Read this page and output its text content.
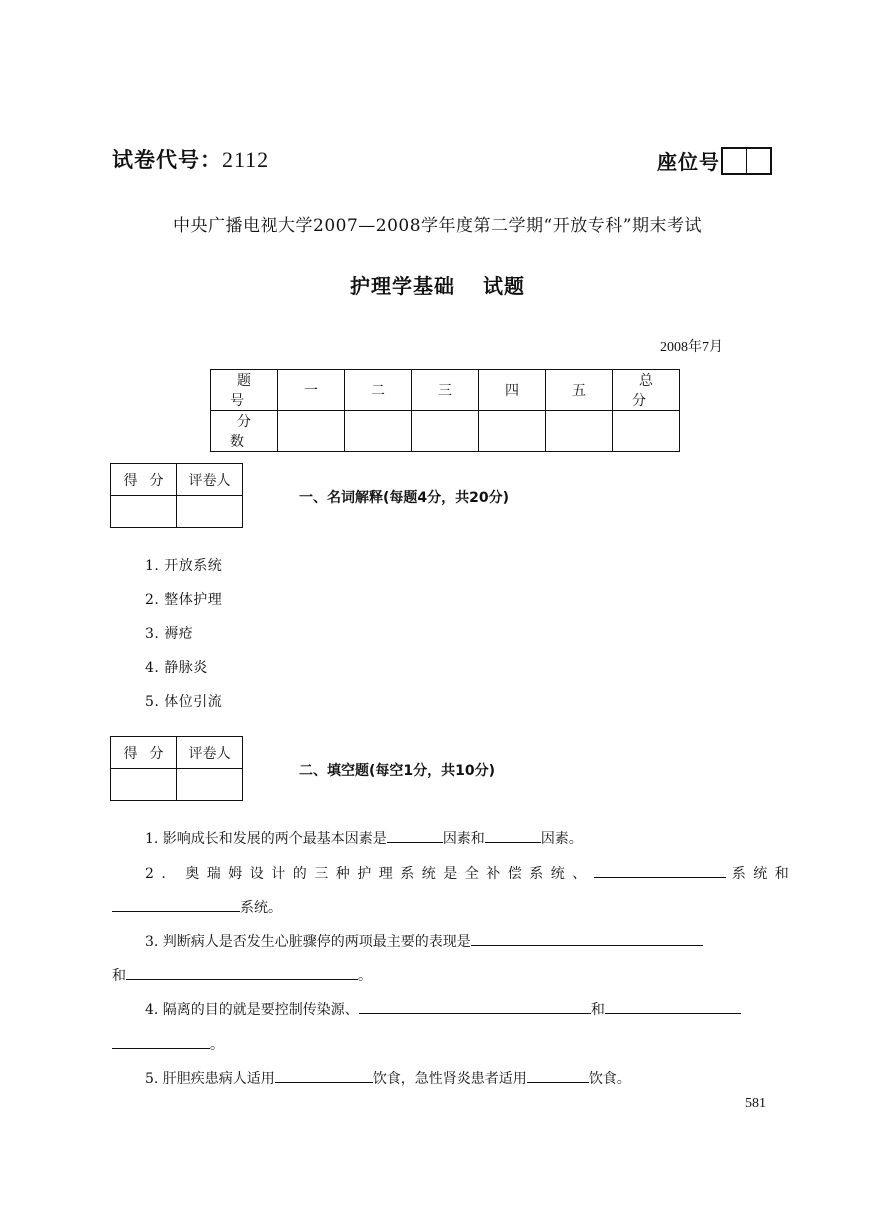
试卷代号：2112	座位号
中央广播电视大学2007—2008学年度第二学期“开放专科”期末考试
护理学基础 试题
2008年7月
题号	一	二	三	四	五	总分
分数						
得分	评卷人

一、名词解释(每题4分，共20分)
1. 开放系统
2. 整体护理
3. 褥疮
4. 静脉炎
5. 体位引流
得分	评卷人

二、填空题(每空1分，共10分)
1. 影响成长和发展的两个最基本因素是	因素和	因素。
2. 奥瑞姆设计的三种护理系统是全补偿系统、	系统和
系统。
3. 判断病人是否发生心脏骤停的两项最主要的表现是
和	。
4. 隔离的目的就是要控制传染源、	和
。
5. 肝胆疾患病人适用	饮食，急性肾炎患者适用	饮食。
581
